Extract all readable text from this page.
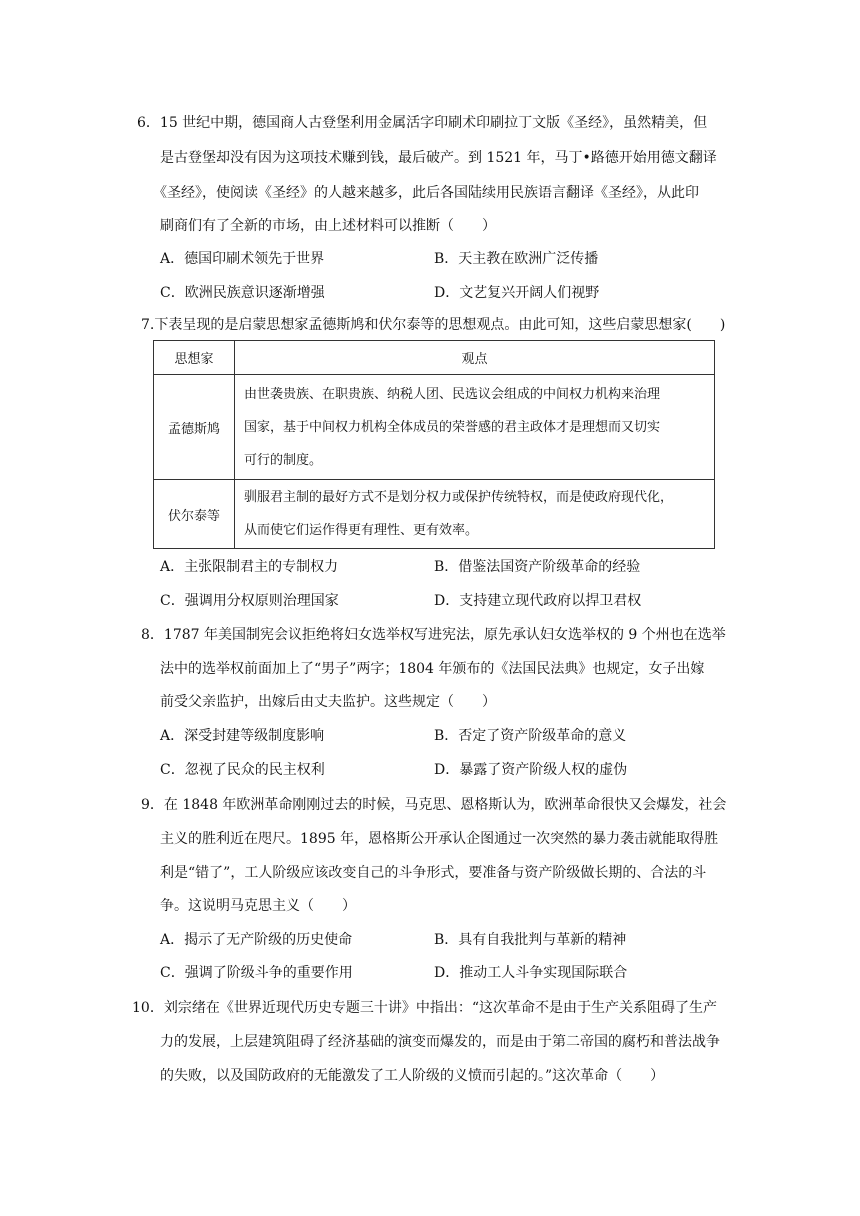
6．15 世纪中期，德国商人古登堡利用金属活字印刷术印刷拉丁文版《圣经》，虽然精美，但
是古登堡却没有因为这项技术赚到钱，最后破产。到 1521 年，马丁•路德开始用德文翻译
《圣经》，使阅读《圣经》的人越来越多，此后各国陆续用民族语言翻译《圣经》，从此印
刷商们有了全新的市场，由上述材料可以推断（　　）
A．德国印刷术领先于世界	B．天主教在欧洲广泛传播
C．欧洲民族意识逐渐增强	D．文艺复兴开阔人们视野
7.下表呈现的是启蒙思想家孟德斯鸠和伏尔泰等的思想观点。由此可知，这些启蒙思想家(　　)
思想家	观点
孟德斯鸠	由世袭贵族、在职贵族、纳税人团、民选议会组成的中间权力机构来治理
国家，基于中间权力机构全体成员的荣誉感的君主政体才是理想而又切实
可行的制度。

伏尔泰等	驯服君主制的最好方式不是划分权力或保护传统特权，而是使政府现代化，
从而使它们运作得更有理性、更有效率。
A．主张限制君主的专制权力	B．借鉴法国资产阶级革命的经验
C．强调用分权原则治理国家	D．支持建立现代政府以捍卫君权
8．1787 年美国制宪会议拒绝将妇女选举权写进宪法，原先承认妇女选举权的 9 个州也在选举
法中的选举权前面加上了“男子”两字；1804 年颁布的《法国民法典》也规定，女子出嫁
前受父亲监护，出嫁后由丈夫监护。这些规定（　　）
A．深受封建等级制度影响	B．否定了资产阶级革命的意义
C．忽视了民众的民主权利	D．暴露了资产阶级人权的虚伪
9．在 1848 年欧洲革命刚刚过去的时候，马克思、恩格斯认为，欧洲革命很快又会爆发，社会
主义的胜利近在咫尺。1895 年，恩格斯公开承认企图通过一次突然的暴力袭击就能取得胜
利是“错了”，工人阶级应该改变自己的斗争形式，要准备与资产阶级做长期的、合法的斗
争。这说明马克思主义（　　）
A．揭示了无产阶级的历史使命	B．具有自我批判与革新的精神
C．强调了阶级斗争的重要作用	D．推动工人斗争实现国际联合
10．刘宗绪在《世界近现代历史专题三十讲》中指出：“这次革命不是由于生产关系阻碍了生产
力的发展，上层建筑阻碍了经济基础的演变而爆发的，而是由于第二帝国的腐朽和普法战争
的失败，以及国防政府的无能激发了工人阶级的义愤而引起的。”这次革命（　　）
